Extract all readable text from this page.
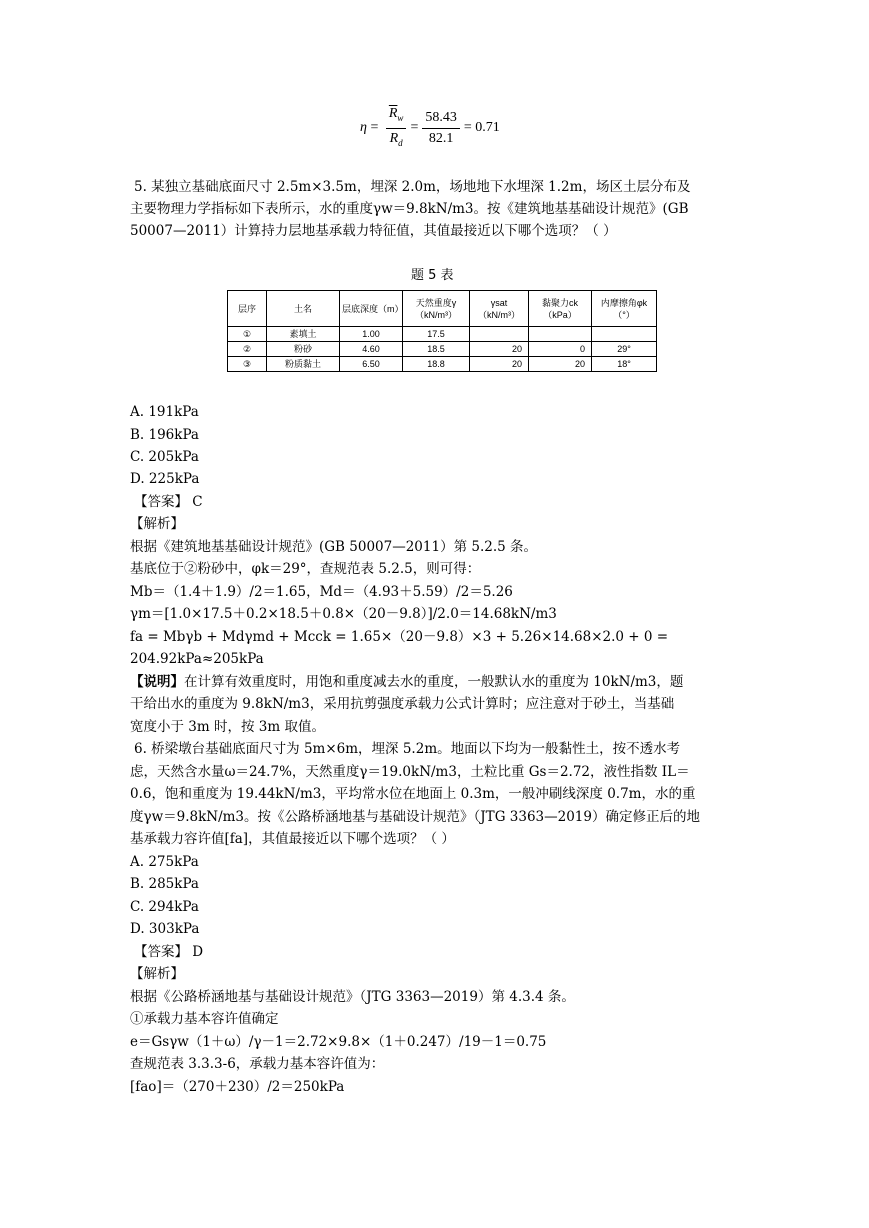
$\eta = \frac{\overline{R}_w}{R_d} = \frac{58.43}{82.1} = 0.71$
5. 某独立基础底面尺寸 2.5m×3.5m，埋深 2.0m，场地地下水埋深 1.2m，场区土层分布及
主要物理力学指标如下表所示，水的重度γw＝9.8kN/m3。按《建筑地基基础设计规范》(GB
50007—2011）计算持力层地基承载力特征值，其值最接近以下哪个选项？（ ）
题 5 表
层序	土名	层底深度（m）	天然重度γ（kN/m³）	γsat（kN/m³）	黏聚力ck（kPa）	内摩擦角φk（°）
①	素填土	1.00	17.5			
②	粉砂	4.60	18.5	20	0	29°
③	粉质黏土	6.50	18.8	20	20	18°
A. 191kPa
B. 196kPa
C. 205kPa
D. 225kPa
【答案】 C
【解析】
根据《建筑地基基础设计规范》(GB 50007—2011）第 5.2.5 条。
基底位于②粉砂中，φk＝29°，查规范表 5.2.5，则可得：
Mb＝（1.4＋1.9）/2＝1.65，Md＝（4.93＋5.59）/2＝5.26
γm＝[1.0×17.5＋0.2×18.5＋0.8×（20－9.8）]/2.0＝14.68kN/m3
fa = Mbγb + Mdγmd + Mcck = 1.65×（20－9.8）×3 + 5.26×14.68×2.0 + 0 =
204.92kPa≈205kPa
【说明】在计算有效重度时，用饱和重度减去水的重度，一般默认水的重度为 10kN/m3，题
干给出水的重度为 9.8kN/m3，采用抗剪强度承载力公式计算时；应注意对于砂土，当基础
宽度小于 3m 时，按 3m 取值。
6. 桥梁墩台基础底面尺寸为 5m×6m，埋深 5.2m。地面以下均为一般黏性土，按不透水考
虑，天然含水量ω＝24.7%，天然重度γ＝19.0kN/m3，土粒比重 Gs＝2.72，液性指数 IL＝
0.6，饱和重度为 19.44kN/m3，平均常水位在地面上 0.3m，一般冲刷线深度 0.7m，水的重
度γw＝9.8kN/m3。按《公路桥涵地基与基础设计规范》（JTG 3363—2019）确定修正后的地
基承载力容许值[fa]，其值最接近以下哪个选项？（ ）
A. 275kPa
B. 285kPa
C. 294kPa
D. 303kPa
【答案】 D
【解析】
根据《公路桥涵地基与基础设计规范》（JTG 3363—2019）第 4.3.4 条。
①承载力基本容许值确定
e＝Gsγw（1＋ω）/γ－1＝2.72×9.8×（1＋0.247）/19－1＝0.75
查规范表 3.3.3-6，承载力基本容许值为：
[fao]＝（270＋230）/2＝250kPa
